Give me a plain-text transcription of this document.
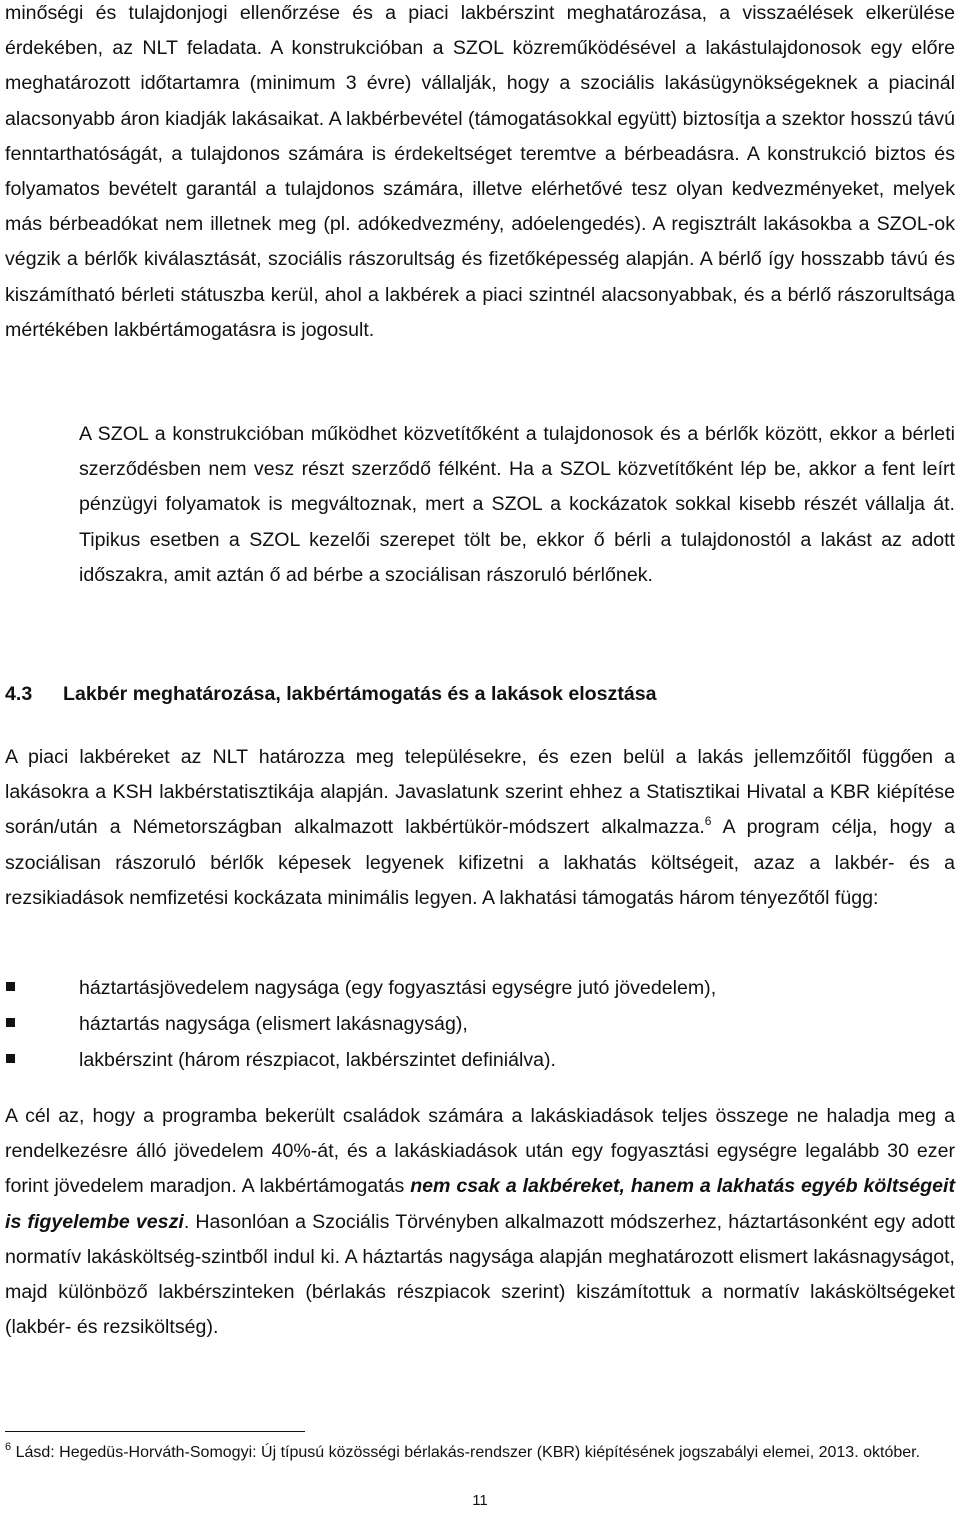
minőségi és tulajdonjogi ellenőrzése és a piaci lakbérszint meghatározása, a visszaélések elkerülése érdekében, az NLT feladata. A konstrukcióban a SZOL közreműködésével a lakástulajdonosok egy előre meghatározott időtartamra (minimum 3 évre) vállalják, hogy a szociális lakásügynökségeknek a piacinál alacsonyabb áron kiadják lakásaikat. A lakbérbevétel (támogatásokkal együtt) biztosítja a szektor hosszú távú fenntarthatóságát, a tulajdonos számára is érdekeltséget teremtve a bérbeadásra. A konstrukció biztos és folyamatos bevételt garantál a tulajdonos számára, illetve elérhetővé tesz olyan kedvezményeket, melyek más bérbeadókat nem illetnek meg (pl. adókedvezmény, adóelengedés). A regisztrált lakásokba a SZOL-ok végzik a bérlők kiválasztását, szociális rászorultság és fizetőképesség alapján. A bérlő így hosszabb távú és kiszámítható bérleti státuszba kerül, ahol a lakbérek a piaci szintnél alacsonyabbak, és a bérlő rászorultsága mértékében lakbértámogatásra is jogosult.

A SZOL a konstrukcióban működhet közvetítőként a tulajdonosok és a bérlők között, ekkor a bérleti szerződésben nem vesz részt szerződő félként. Ha a SZOL közvetítőként lép be, akkor a fent leírt pénzügyi folyamatok is megváltoznak, mert a SZOL a kockázatok sokkal kisebb részét vállalja át. Tipikus esetben a SZOL kezelői szerepet tölt be, ekkor ő bérli a tulajdonostól a lakást az adott időszakra, amit aztán ő ad bérbe a szociálisan rászoruló bérlőnek.

4.3 Lakbér meghatározása, lakbértámogatás és a lakások elosztása

A piaci lakbéreket az NLT határozza meg településekre, és ezen belül a lakás jellemzőitől függően a lakásokra a KSH lakbérstatisztikája alapján. Javaslatunk szerint ehhez a Statisztikai Hivatal a KBR kiépítése során/után a Németországban alkalmazott lakbértükör-módszert alkalmazza.$^6$ A program célja, hogy a szociálisan rászoruló bérlők képesek legyenek kifizetni a lakhatás költségeit, azaz a lakbér- és a rezsikiadások nemfizetési kockázata minimális legyen. A lakhatási támogatás három tényezőtől függ:

háztartásjövedelem nagysága (egy fogyasztási egységre jutó jövedelem),
háztartás nagysága (elismert lakásnagyság),
lakbérszint (három részpiacot, lakbérszintet definiálva).

A cél az, hogy a programba bekerült családok számára a lakáskiadások teljes összege ne haladja meg a rendelkezésre álló jövedelem 40%-át, és a lakáskiadások után egy fogyasztási egységre legalább 30 ezer forint jövedelem maradjon. A lakbértámogatás nem csak a lakbéreket, hanem a lakhatás egyéb költségeit is figyelembe veszi. Hasonlóan a Szociális Törvényben alkalmazott módszerhez, háztartásonként egy adott normatív lakásköltség-szintből indul ki. A háztartás nagysága alapján meghatározott elismert lakásnagyságot, majd különböző lakbérszinteken (bérlakás részpiacok szerint) kiszámítottuk a normatív lakásköltségeket (lakbér- és rezsiköltség).

$^6$ Lásd: Hegedüs-Horváth-Somogyi: Új típusú közösségi bérlakás-rendszer (KBR) kiépítésének jogszabályi elemei, 2013. október.
11
